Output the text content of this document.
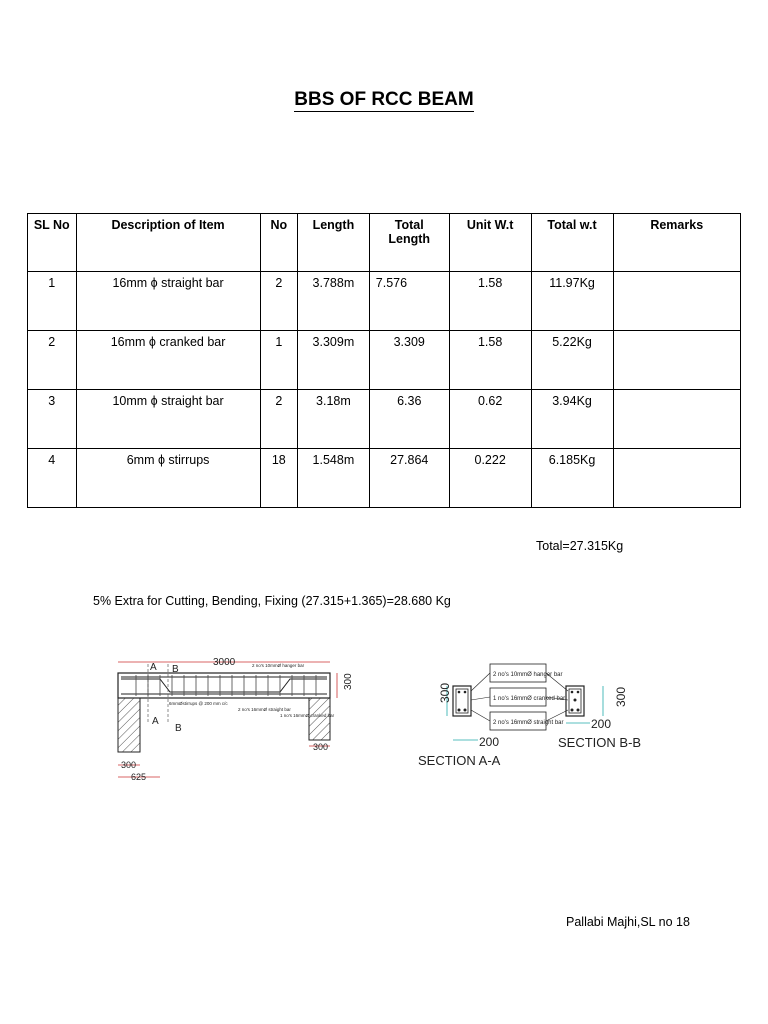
BBS OF RCC BEAM
SL No	Description of Item	No	Length	Total Length	Unit W.t	Total w.t	Remarks
1	16mm ϕ straight bar	2	3.788m	7.576	1.58	11.97Kg	
2	16mm ϕ cranked bar	1	3.309m	3.309	1.58	5.22Kg	
3	10mm ϕ straight bar	2	3.18m	6.36	0.62	3.94Kg	
4	6mm ϕ stirrups	18	1.548m	27.864	0.222	6.185Kg	
Total=27.315Kg
5% Extra for Cutting, Bending, Fixing (27.315+1.365)=28.680 Kg
3000
300
A B
A
B
2 no's 10mmØ hanger bar
6mmØstirrups @ 200 mm c/c
2 no's 16mmØ straight bar
1 no's 16mmØ cranked bar
300
625
300
300
200
SECTION A-A
300
200
SECTION B-B
2 no's 10mmØ hanger bar
1 no's 16mmØ cranked bar
2 no's 16mmØ straight bar
Pallabi Majhi,SL no 18
